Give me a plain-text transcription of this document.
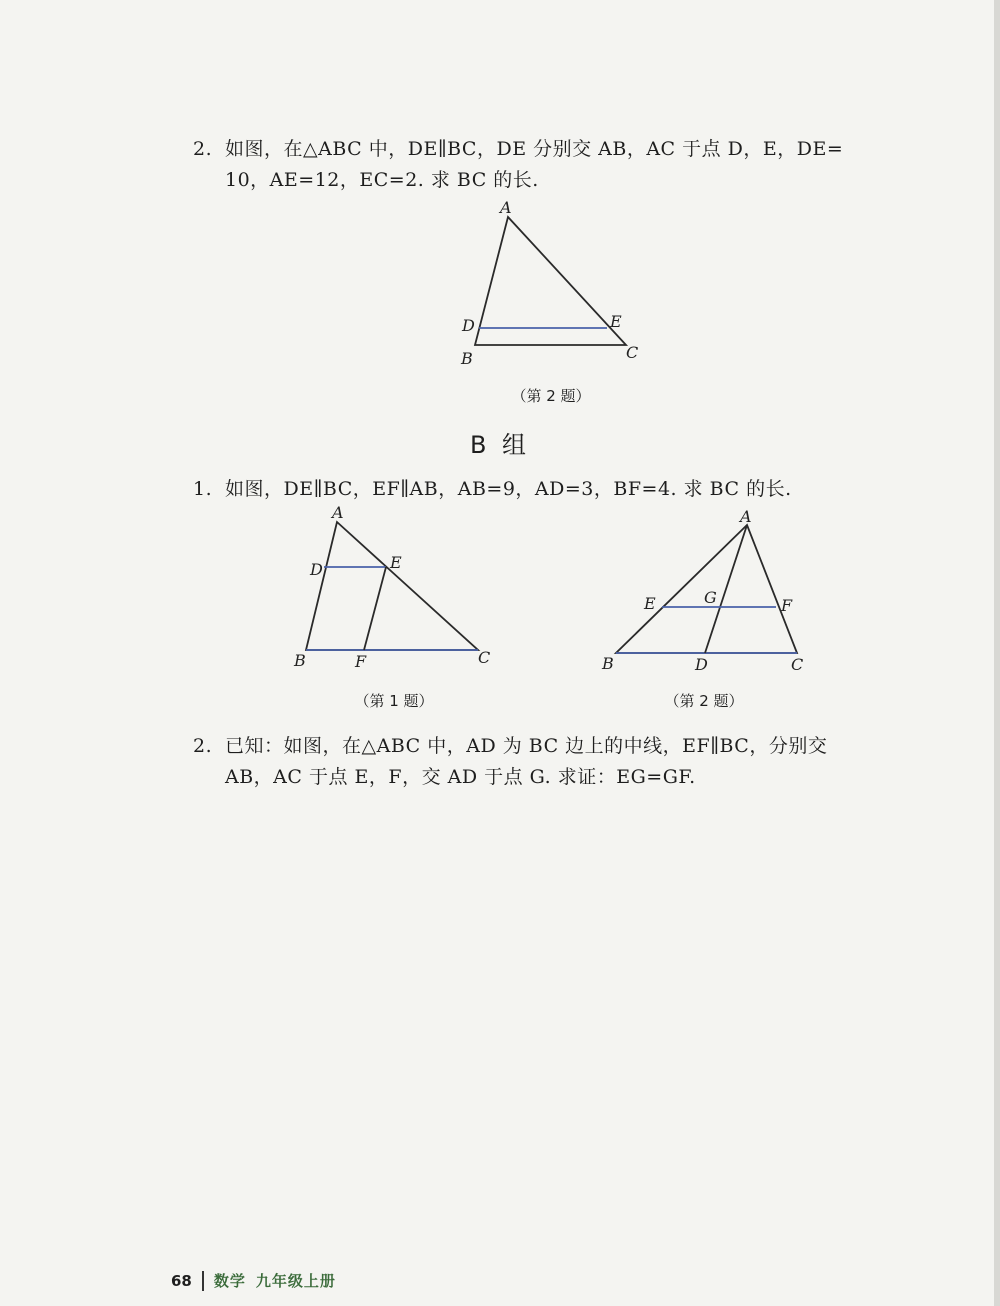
2. 如图，在△ABC 中，DE∥BC，DE 分别交 AB，AC 于点 D，E，DE=
10，AE=12，EC=2. 求 BC 的长.
A
D	E
B	C
（第 2 题）
B 组
1. 如图，DE∥BC，EF∥AB，AB=9，AD=3，BF=4. 求 BC 的长.
A
D	E
B	F	C
（第 1 题）
A
E	G	F
B	D	C
（第 2 题）
2. 已知：如图，在△ABC 中，AD 为 BC 边上的中线，EF∥BC，分别交
AB，AC 于点 E，F，交 AD 于点 G. 求证：EG=GF.
68 数学 九年级上册
